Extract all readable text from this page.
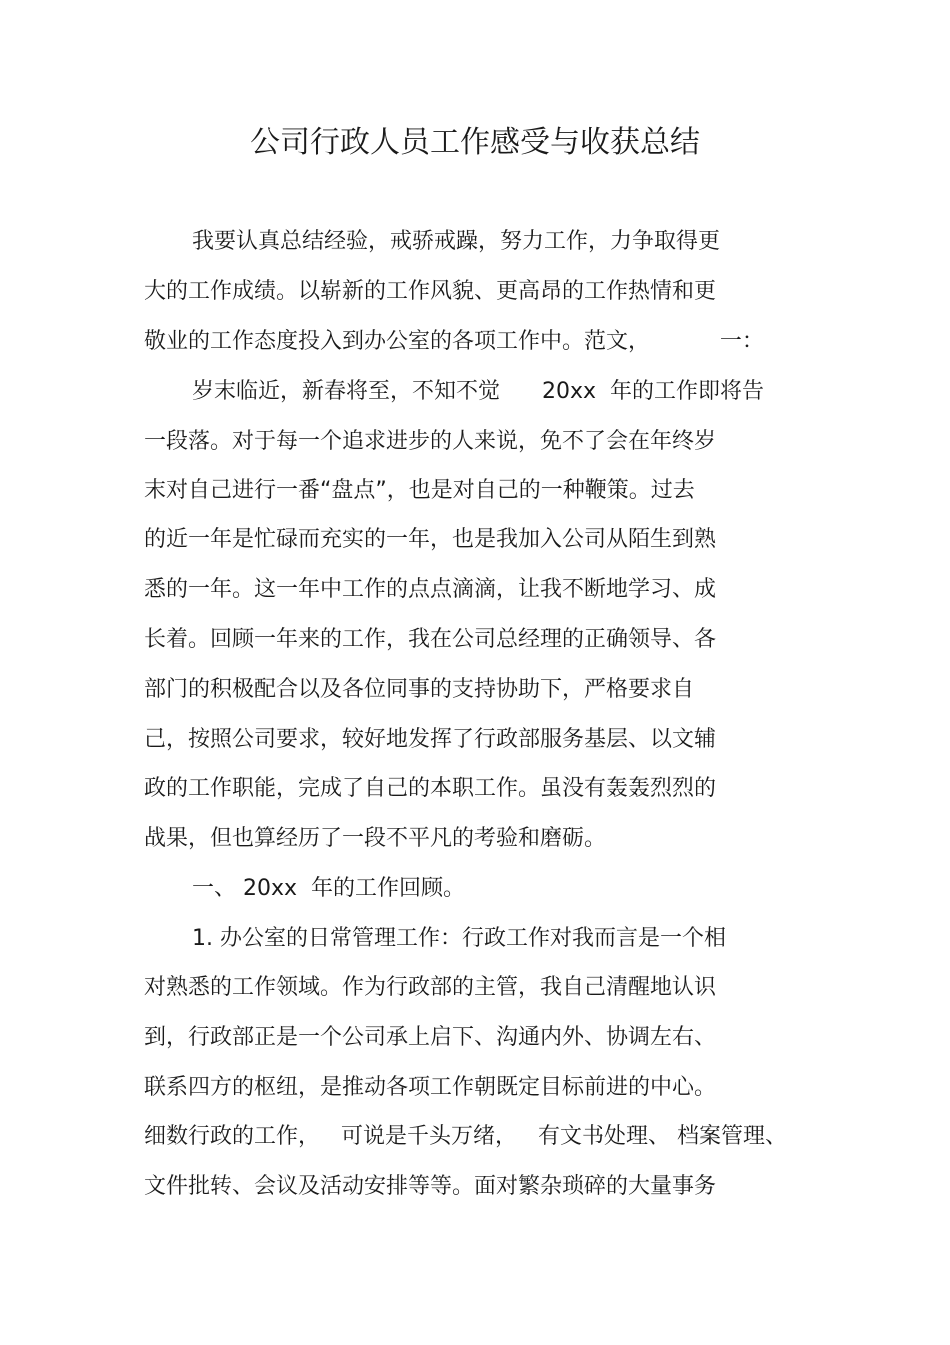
公司行政人员工作感受与收获总结
我要认真总结经验，戒骄戒躁，努力工作，力争取得更
大的工作成绩。以崭新的工作风貌、更高昂的工作热情和更
敬业的工作态度投入到办公室的各项工作中。范文，          一：
岁末临近，新春将至，不知不觉      20xx  年的工作即将告
一段落。对于每一个追求进步的人来说，免不了会在年终岁
末对自己进行一番“盘点”，也是对自己的一种鞭策。过去
的近一年是忙碌而充实的一年，也是我加入公司从陌生到熟
悉的一年。这一年中工作的点点滴滴，让我不断地学习、成
长着。回顾一年来的工作，我在公司总经理的正确领导、各
部门的积极配合以及各位同事的支持协助下，严格要求自
己，按照公司要求，较好地发挥了行政部服务基层、以文辅
政的工作职能，完成了自己的本职工作。虽没有轰轰烈烈的
战果，但也算经历了一段不平凡的考验和磨砺。
一、 20xx  年的工作回顾。
1. 办公室的日常管理工作：行政工作对我而言是一个相
对熟悉的工作领域。作为行政部的主管，我自己清醒地认识
到，行政部正是一个公司承上启下、沟通内外、协调左右、
联系四方的枢纽，是推动各项工作朝既定目标前进的中心。
细数行政的工作，   可说是千头万绪，   有文书处理、 档案管理、
文件批转、会议及活动安排等等。面对繁杂琐碎的大量事务
